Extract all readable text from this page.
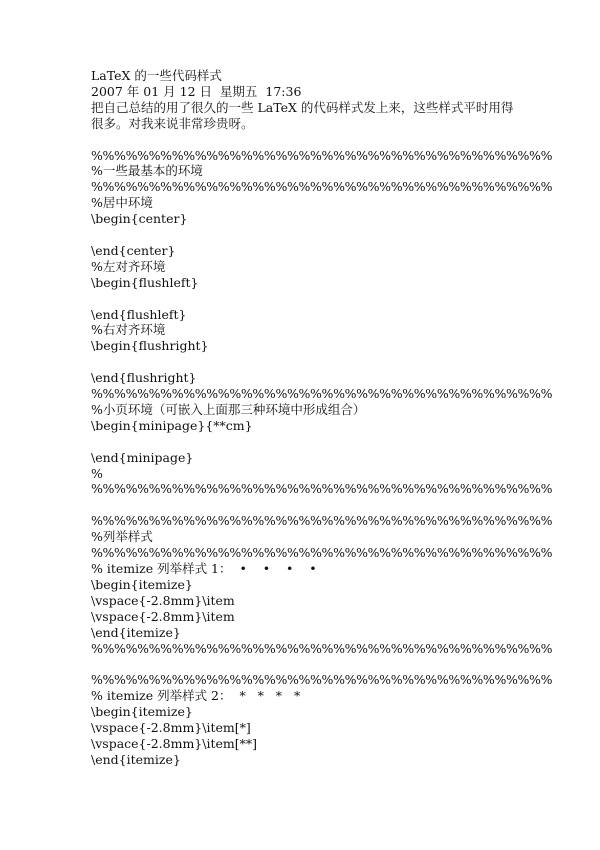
LaTeX 的一些代码样式
2007 年 01 月 12 日  星期五  17:36
把自己总结的用了很久的一些 LaTeX 的代码样式发上来，这些样式平时用得很多。对我来说非常珍贵呀。
%%%%%%%%%%%%%%%%%%%%%%%%%%%%%%%%%%%%%%%%
%一些最基本的环境
%%%%%%%%%%%%%%%%%%%%%%%%%%%%%%%%%%%%%%%%
%居中环境
\begin{center}
\end{center}
%左对齐环境
\begin{flushleft}
\end{flushleft}
%右对齐环境
\begin{flushright}
\end{flushright}
%%%%%%%%%%%%%%%%%%%%%%%%%%%%%%%%%%%%%%%%
%小页环境（可嵌入上面那三种环境中形成组合）
\begin{minipage}{**cm}
\end{minipage}
%
%%%%%%%%%%%%%%%%%%%%%%%%%%%%%%%%%%%%%%%%
%%%%%%%%%%%%%%%%%%%%%%%%%%%%%%%%%%%%%%%%
%列举样式
%%%%%%%%%%%%%%%%%%%%%%%%%%%%%%%%%%%%%%%%
% itemize 列举样式 1：  •    •    •    •
\begin{itemize}
\vspace{-2.8mm}\item
\vspace{-2.8mm}\item
\end{itemize}
%%%%%%%%%%%%%%%%%%%%%%%%%%%%%%%%%%%%%%%%
%%%%%%%%%%%%%%%%%%%%%%%%%%%%%%%%%%%%%%%%
% itemize 列举样式 2：  *   *   *   *
\begin{itemize}
\vspace{-2.8mm}\item[*]
\vspace{-2.8mm}\item[**]
\end{itemize}
